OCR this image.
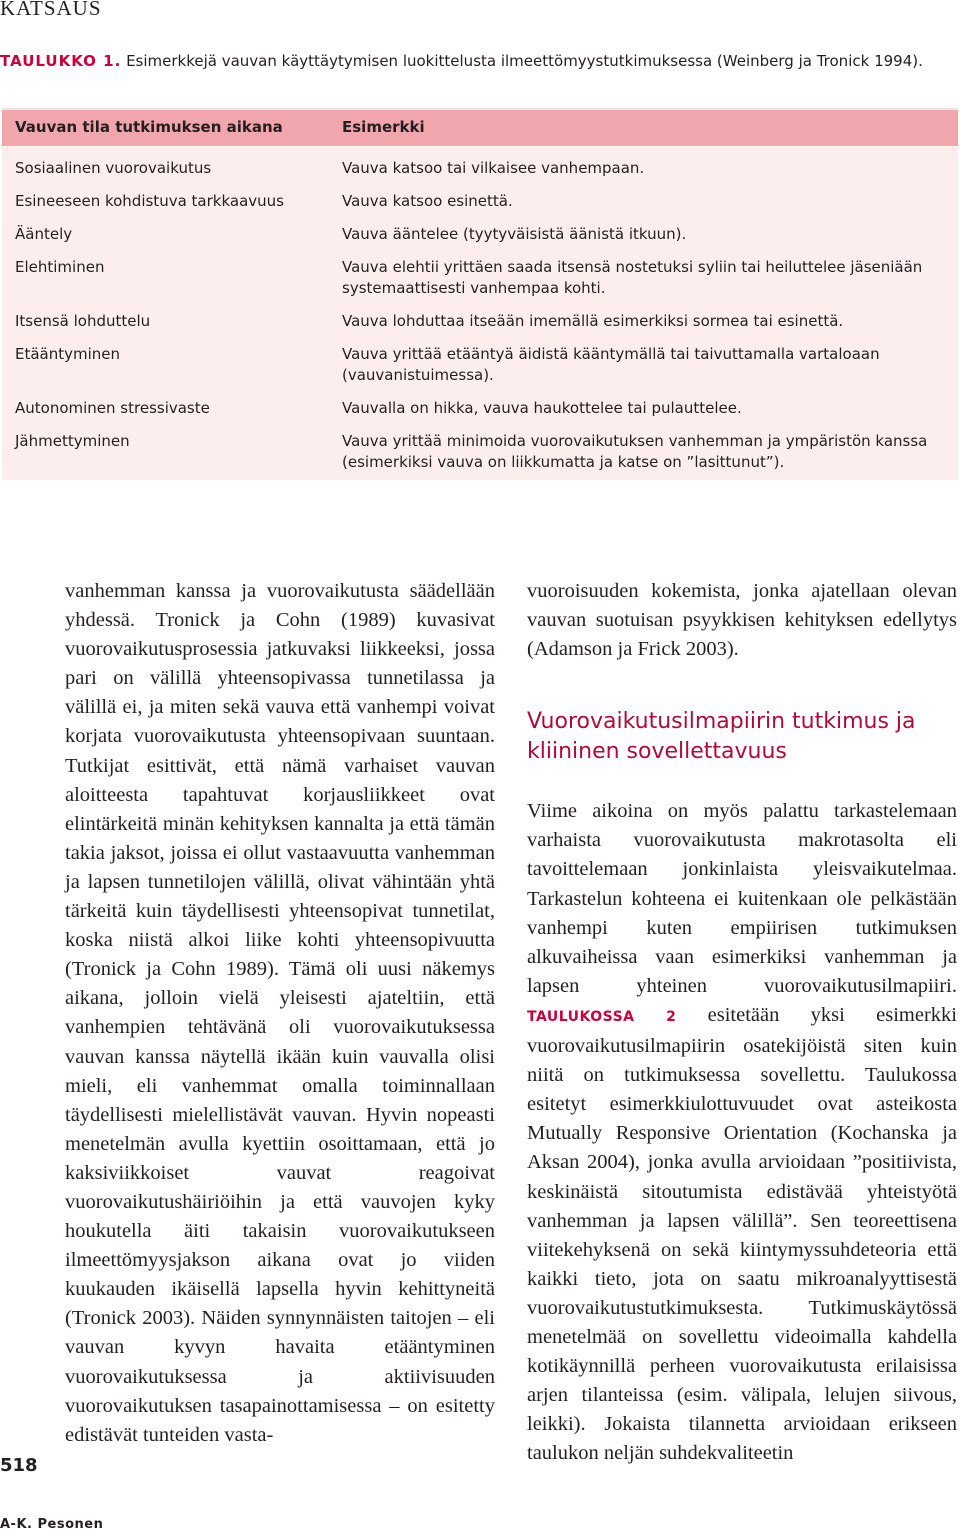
KATSAUS
TAULUKKO 1. Esimerkkejä vauvan käyttäytymisen luokittelusta ilmeettömyystutkimuksessa (Weinberg ja Tronick 1994).
Vauvan tila tutkimuksen aikana	Esimerkki
Sosiaalinen vuorovaikutus	Vauva katsoo tai vilkaisee vanhempaan.
Esineeseen kohdistuva tarkkaavuus	Vauva katsoo esinettä.
Ääntely	Vauva ääntelee (tyytyväisistä äänistä itkuun).
Elehtiminen	Vauva elehtii yrittäen saada itsensä nostetuksi syliin tai heiluttelee jäseniään systemaattisesti vanhempaa kohti.
Itsensä lohduttelu	Vauva lohduttaa itseään imemällä esimerkiksi sormea tai esinettä.
Etääntyminen	Vauva yrittää etääntyä äidistä kääntymällä tai taivuttamalla vartaloaan (vauvanistuimessa).
Autonominen stressivaste	Vauvalla on hikka, vauva haukottelee tai pulauttelee.
Jähmettyminen	Vauva yrittää minimoida vuorovaikutuksen vanhemman ja ympäristön kanssa (esimerkiksi vauva on liikkumatta ja katse on ”lasittunut”).

vanhemman kanssa ja vuorovaikutusta säädellään yhdessä. Tronick ja Cohn (1989) kuvasivat vuorovaikutusprosessia jatkuvaksi liikkeeksi, jossa pari on välillä yhteensopivassa tunnetilassa ja välillä ei, ja miten sekä vauva että vanhempi voivat korjata vuorovaikutusta yhteensopivaan suuntaan. Tutkijat esittivät, että nämä varhaiset vauvan aloitteesta tapahtuvat korjausliikkeet ovat elintärkeitä minän kehityksen kannalta ja että tämän takia jaksot, joissa ei ollut vastaavuutta vanhemman ja lapsen tunnetilojen välillä, olivat vähintään yhtä tärkeitä kuin täydellisesti yhteensopivat tunnetilat, koska niistä alkoi liike kohti yhteensopivuutta (Tronick ja Cohn 1989). Tämä oli uusi näkemys aikana, jolloin vielä yleisesti ajateltiin, että vanhempien tehtävänä oli vuorovaikutuksessa vauvan kanssa näytellä ikään kuin vauvalla olisi mieli, eli vanhemmat omalla toiminnallaan täydellisesti mielellistävät vauvan. Hyvin nopeasti menetelmän avulla kyettiin osoittamaan, että jo kaksiviikkoiset vauvat reagoivat vuorovaikutushäiriöihin ja että vauvojen kyky houkutella äiti takaisin vuorovaikutukseen ilmeettömyysjakson aikana ovat jo viiden kuukauden ikäisellä lapsella hyvin kehittyneitä (Tronick 2003). Näiden synnynnäisten taitojen – eli vauvan kyvyn havaita etääntyminen vuorovaikutuksessa ja aktiivisuuden vuorovaikutuksen tasapainottamisessa – on esitetty edistävät tunteiden vasta-

vuoroisuuden kokemista, jonka ajatellaan olevan vauvan suotuisan psyykkisen kehityksen edellytys (Adamson ja Frick 2003).

Vuorovaikutusilmapiirin tutkimus ja kliininen sovellettavuus

Viime aikoina on myös palattu tarkastelemaan varhaista vuorovaikutusta makrotasolta eli tavoittelemaan jonkinlaista yleisvaikutelmaa. Tarkastelun kohteena ei kuitenkaan ole pelkästään vanhempi kuten empiirisen tutkimuksen alkuvaiheissa vaan esimerkiksi vanhemman ja lapsen yhteinen vuorovaikutusilmapiiri. TAULUKOSSA 2 esitetään yksi esimerkki vuorovaikutusilmapiirin osatekijöistä siten kuin niitä on tutkimuksessa sovellettu. Taulukossa esitetyt esimerkkiulottuvuudet ovat asteikosta Mutually Responsive Orientation (Kochanska ja Aksan 2004), jonka avulla arvioidaan ”positiivista, keskinäistä sitoutumista edistävää yhteistyötä vanhemman ja lapsen välillä”. Sen teoreettisena viitekehyksenä on sekä kiintymyssuhdeteoria että kaikki tieto, jota on saatu mikroanalyyttisestä vuorovaikutustutkimuksesta. Tutkimuskäytössä menetelmää on sovellettu videoimalla kahdella kotikäynnillä perheen vuorovaikutusta erilaisissa arjen tilanteissa (esim. välipala, lelujen siivous, leikki). Jokaista tilannetta arvioidaan erikseen taulukon neljän suhdekvaliteetin

518
A-K. Pesonen
